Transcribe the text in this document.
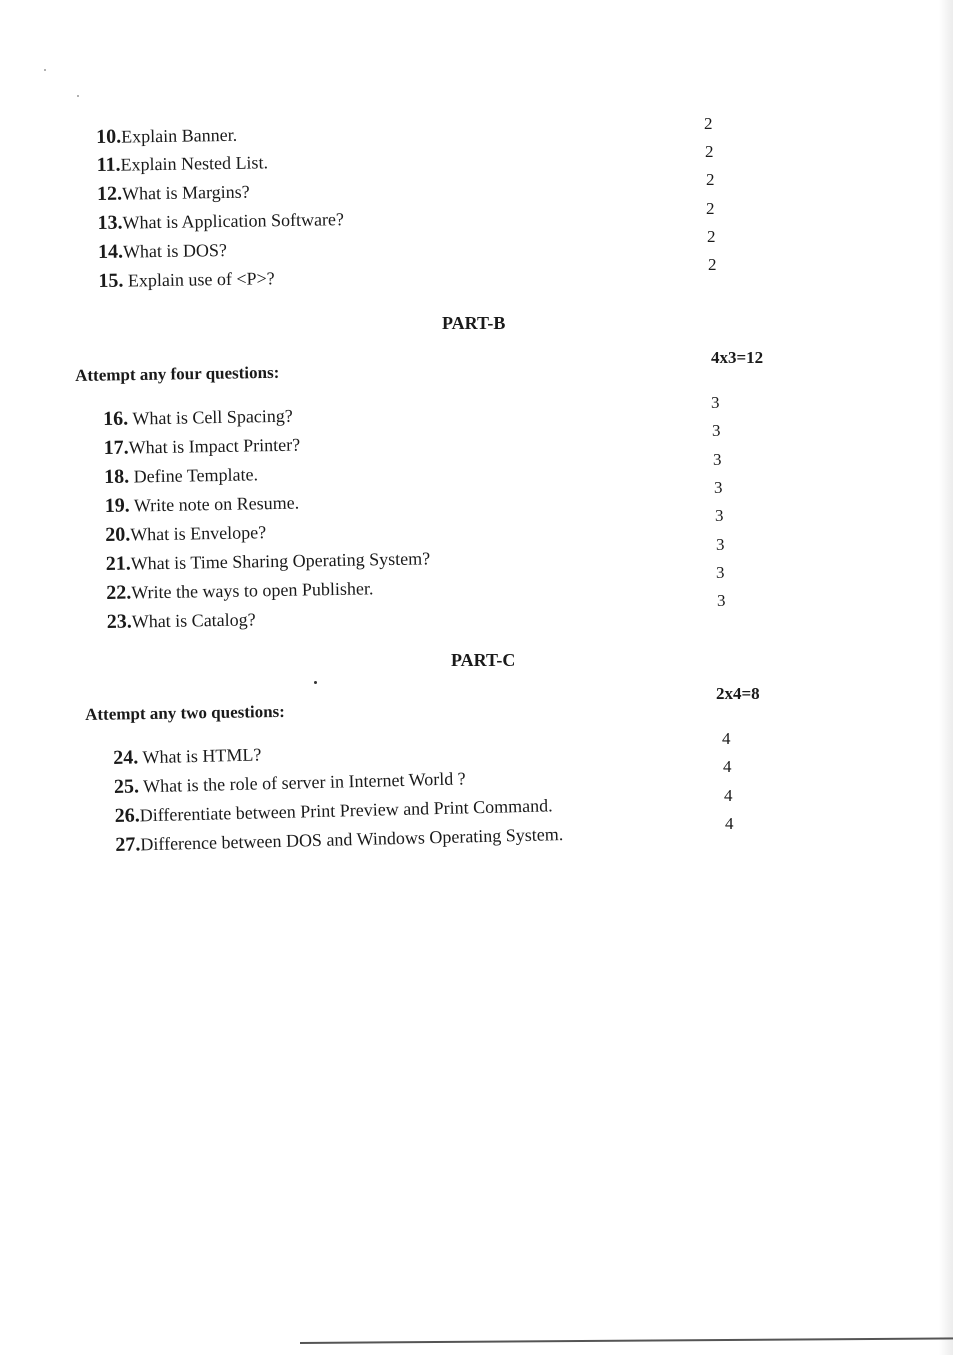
10.Explain Banner.
11.Explain Nested List.
12.What is Margins?
13.What is Application Software?
14.What is DOS?
15. Explain use of <P>?
2
2
2
2
2
2
PART-B
4x3=12
Attempt any four questions:
16. What is Cell Spacing?
17.What is Impact Printer?
18. Define Template.
19. Write note on Resume.
20.What is Envelope?
21.What is Time Sharing Operating System?
22.Write the ways to open Publisher.
23.What is Catalog?
3
3
3
3
3
3
3
3
PART-C
2x4=8
Attempt any two questions:
24. What is HTML?
25. What is the role of server in Internet World ?
26.Differentiate between Print Preview and Print Command.
27.Difference between DOS and Windows Operating System.
4
4
4
4
